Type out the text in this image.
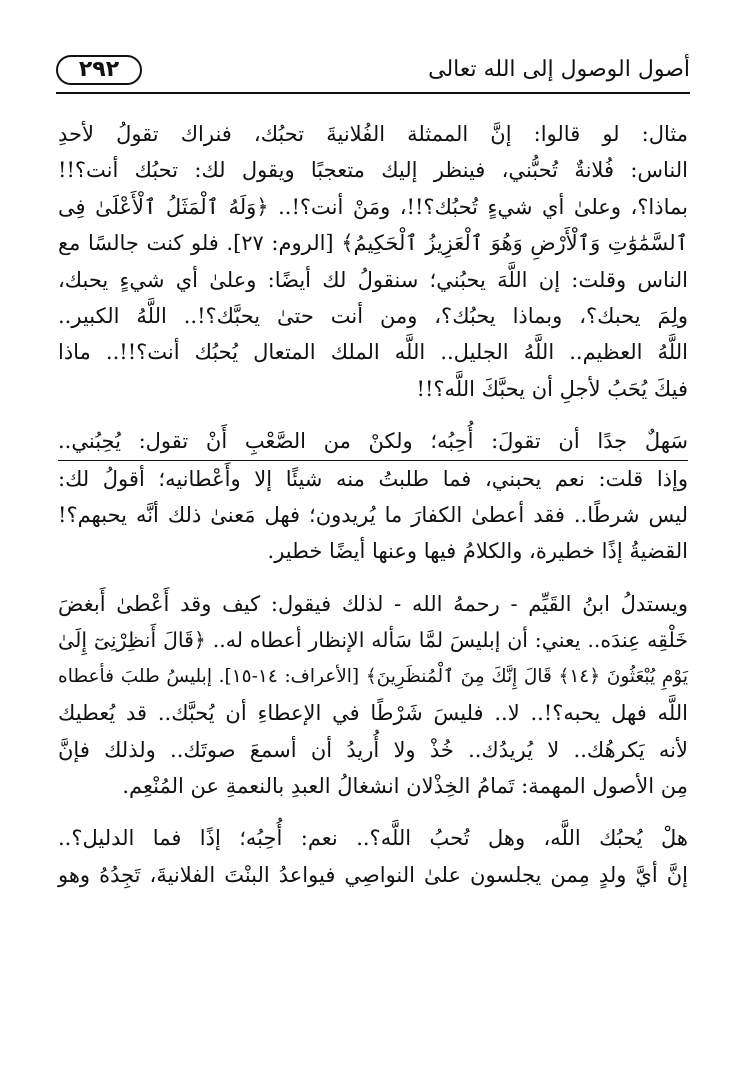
أصول الوصول إلى الله تعالى
٢٩٢
مثال: لو قالوا: إنَّ الممثلة الفُلانيةَ تحبُك، فنراك تقولُ لأحدِ
الناس: فُلانةٌ تُحبُّني، فينظر إليك متعجبًا ويقول لك: تحبُك أنت؟!!
بماذا؟، وعلىٰ أي شيءٍ تُحبُك؟!!، ومَنْ أنت؟!.. ﴿وَلَهُ ٱلْمَثَلُ ٱلْأَعْلَىٰ فِى
ٱلسَّمَٰوَٰتِ وَٱلْأَرْضِ وَهُوَ ٱلْعَزِيزُ ٱلْحَكِيمُ﴾ [الروم: ٢٧]. فلو كنت جالسًا مع
الناس وقلت: إن اللَّهَ يحبُني؛ سنقولُ لك أيضًا: وعلىٰ أي شيءٍ يحبك،
ولِمَ يحبك؟، وبماذا يحبُك؟، ومن أنت حتىٰ يحبَّك؟!.. اللَّهُ الكبير..
اللَّهُ العظيم.. اللَّهُ الجليل.. اللَّه الملك المتعال يُحبُك أنت؟!!.. ماذا
فيكَ يُحَبُ لأجلِ أن يحبَّكَ اللَّه؟!!
سَهلٌ جدًا أن تقولَ: أُحِبُه؛ ولكنْ من الصَّعْبِ أَنْ تقول: يُحِبُني..
وإذا قلت: نعم يحبني، فما طلبتُ منه شيئًا إلا وأَعْطانيه؛ أقولُ لك:
ليس شرطًا.. فقد أعطىٰ الكفارَ ما يُريدون؛ فهل مَعنىٰ ذلك أنَّه يحبهم؟!
القضيةُ إذًا خطيرة، والكلامُ فيها وعنها أيضًا خطير.
ويستدلُ ابنُ القَيِّم - رحمهُ الله - لذلك فيقول: كيف وقد أَعْطىٰ أَبغضَ
خَلْقِه عِندَه.. يعني: أن إبليسَ لمَّا سَأله الإنظار أعطاه له.. ﴿قَالَ أَنظِرْنِىٓ إِلَىٰ
يَوْمِ يُبْعَثُونَ ﴿١٤﴾ قَالَ إِنَّكَ مِنَ ٱلْمُنظَرِينَ﴾ [الأعراف: ١٤-١٥]. إبليسُ طلبَ فأعطاه
اللَّه فهل يحبه؟!.. لا.. فليسَ شَرْطًا في الإعطاءِ أن يُحبَّك.. قد يُعطيك
لأنه يَكرهُك.. لا يُريدُك.. خُذْ ولا أُريدُ أن أسمعَ صوتَك.. ولذلك فإنَّ
مِن الأصول المهمة: تَمامُ الخِذْلان انشغالُ العبدِ بالنعمةِ عن المُنْعِم.
هلْ يُحبُك اللَّه، وهل تُحبُ اللَّه؟.. نعم: أُحِبُه؛ إذًا فما الدليل؟..
إنَّ أيَّ ولدٍ مِمن يجلسون علىٰ النواصِي فيواعدُ البنْتَ الفلانيةَ، تَجِدُهُ وهو
